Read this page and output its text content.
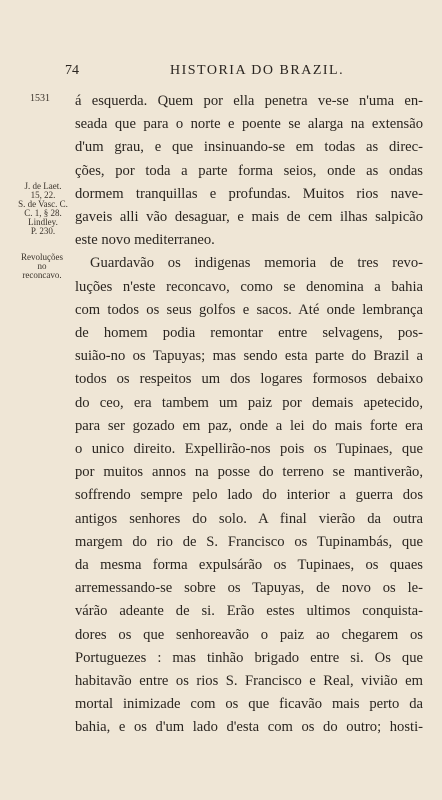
74	HISTORIA DO BRAZIL.
1531
J. de Laet.
15, 22.
S. de Vasc. C.
C. 1, § 28.
Lindley.
P. 230.
Revoluções
no
reconcavo.
á esquerda. Quem por ella penetra ve-se n'uma en-
seada que para o norte e poente se alarga na extensão
d'um grau, e que insinuando-se em todas as direc-
ções, por toda a parte forma seios, onde as ondas
dormem tranquillas e profundas. Muitos rios nave-
gaveis alli vão desaguar, e mais de cem ilhas salpicão
este novo mediterraneo.
Guardavão os indigenas memoria de tres revo-
luções n'este reconcavo, como se denomina a bahia
com todos os seus golfos e sacos. Até onde lembrança
de homem podia remontar entre selvagens, pos-
suião-no os Tapuyas; mas sendo esta parte do Brazil a
todos os respeitos um dos logares formosos debaixo
do ceo, era tambem um paiz por demais apetecido,
para ser gozado em paz, onde a lei do mais forte era
o unico direito. Expellirão-nos pois os Tupinaes, que
por muitos annos na posse do terreno se mantiverão,
soffrendo sempre pelo lado do interior a guerra dos
antigos senhores do solo. A final vierão da outra
margem do rio de S. Francisco os Tupinambás, que
da mesma forma expulsárão os Tupinaes, os quaes
arremessando-se sobre os Tapuyas, de novo os le-
várão adeante de si. Erão estes ultimos conquista-
dores os que senhoreavão o paiz ao chegarem os
Portuguezes : mas tinhão brigado entre si. Os que
habitavão entre os rios S. Francisco e Real, vivião em
mortal inimizade com os que ficavão mais perto da
bahia, e os d'um lado d'esta com os do outro; hosti-
